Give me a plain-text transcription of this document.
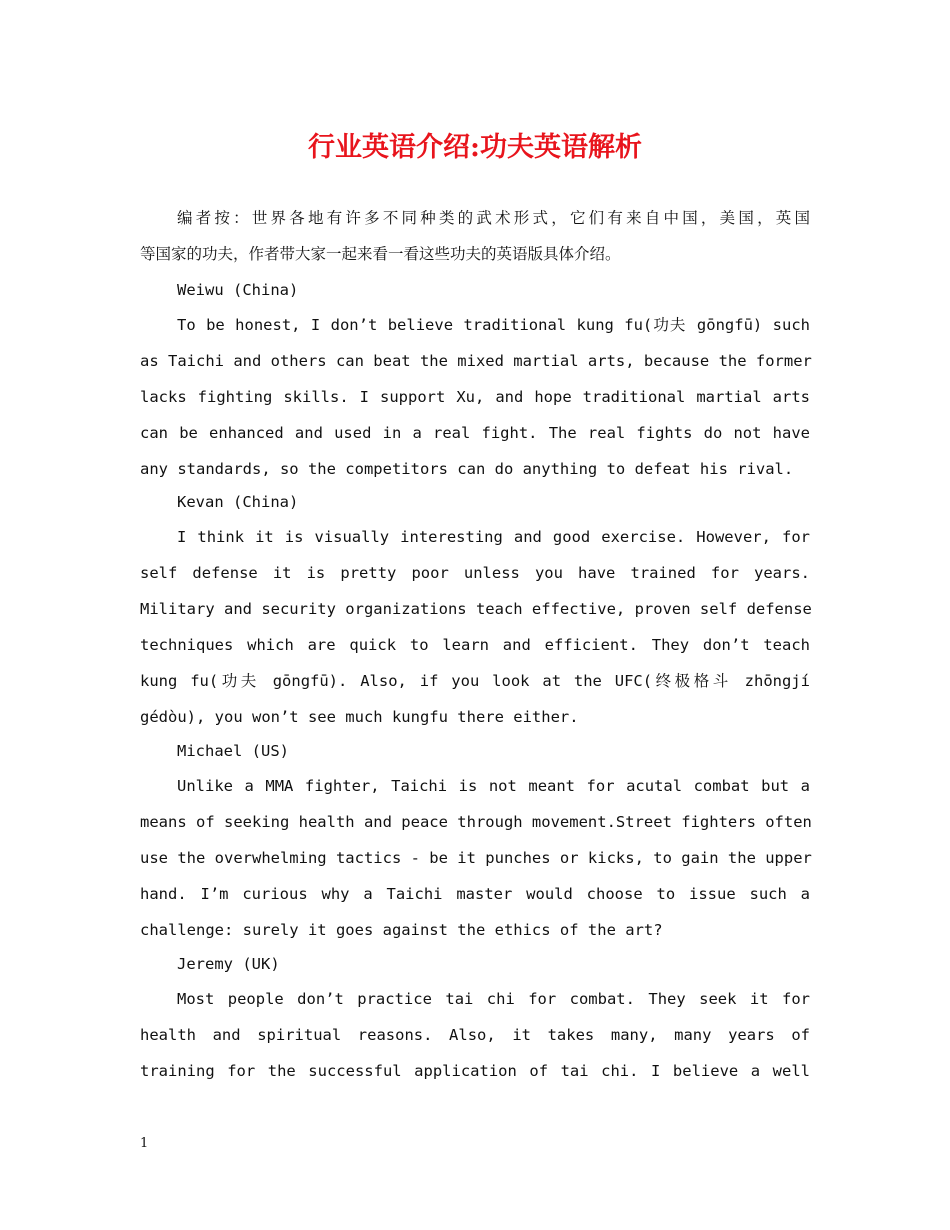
行业英语介绍:功夫英语解析

编者按：世界各地有许多不同种类的武术形式，它们有来自中国，美国，英国

等国家的功夫，作者带大家一起来看一看这些功夫的英语版具体介绍。

Weiwu (China)

To be honest, I don’t believe traditional kung fu(功夫 gōngfū) such

as Taichi and others can beat the mixed martial arts, because the former

lacks fighting skills. I support Xu, and hope traditional martial arts

can be enhanced and used in a real fight. The real fights do not have

any standards, so the competitors can do anything to defeat his rival.

Kevan (China)

I think it is visually interesting and good exercise. However, for

self defense it is pretty poor unless you have trained for years.

Military and security organizations teach effective, proven self defense

techniques which are quick to learn and efficient. They don’t teach

kung fu(功夫 gōngfū). Also, if you look at the UFC(终极格斗 zhōngjí

gédòu), you won’t see much kungfu there either.

Michael (US)

Unlike a MMA fighter, Taichi is not meant for acutal combat but a

means of seeking health and peace through movement.Street fighters often

use the overwhelming tactics - be it punches or kicks, to gain the upper

hand. I’m curious why a Taichi master would choose to issue such a

challenge: surely it goes against the ethics of the art?

Jeremy (UK)

Most people don’t practice tai chi for combat. They seek it for

health and spiritual reasons. Also, it takes many, many years of

training for the successful application of tai chi. I believe a well

1
